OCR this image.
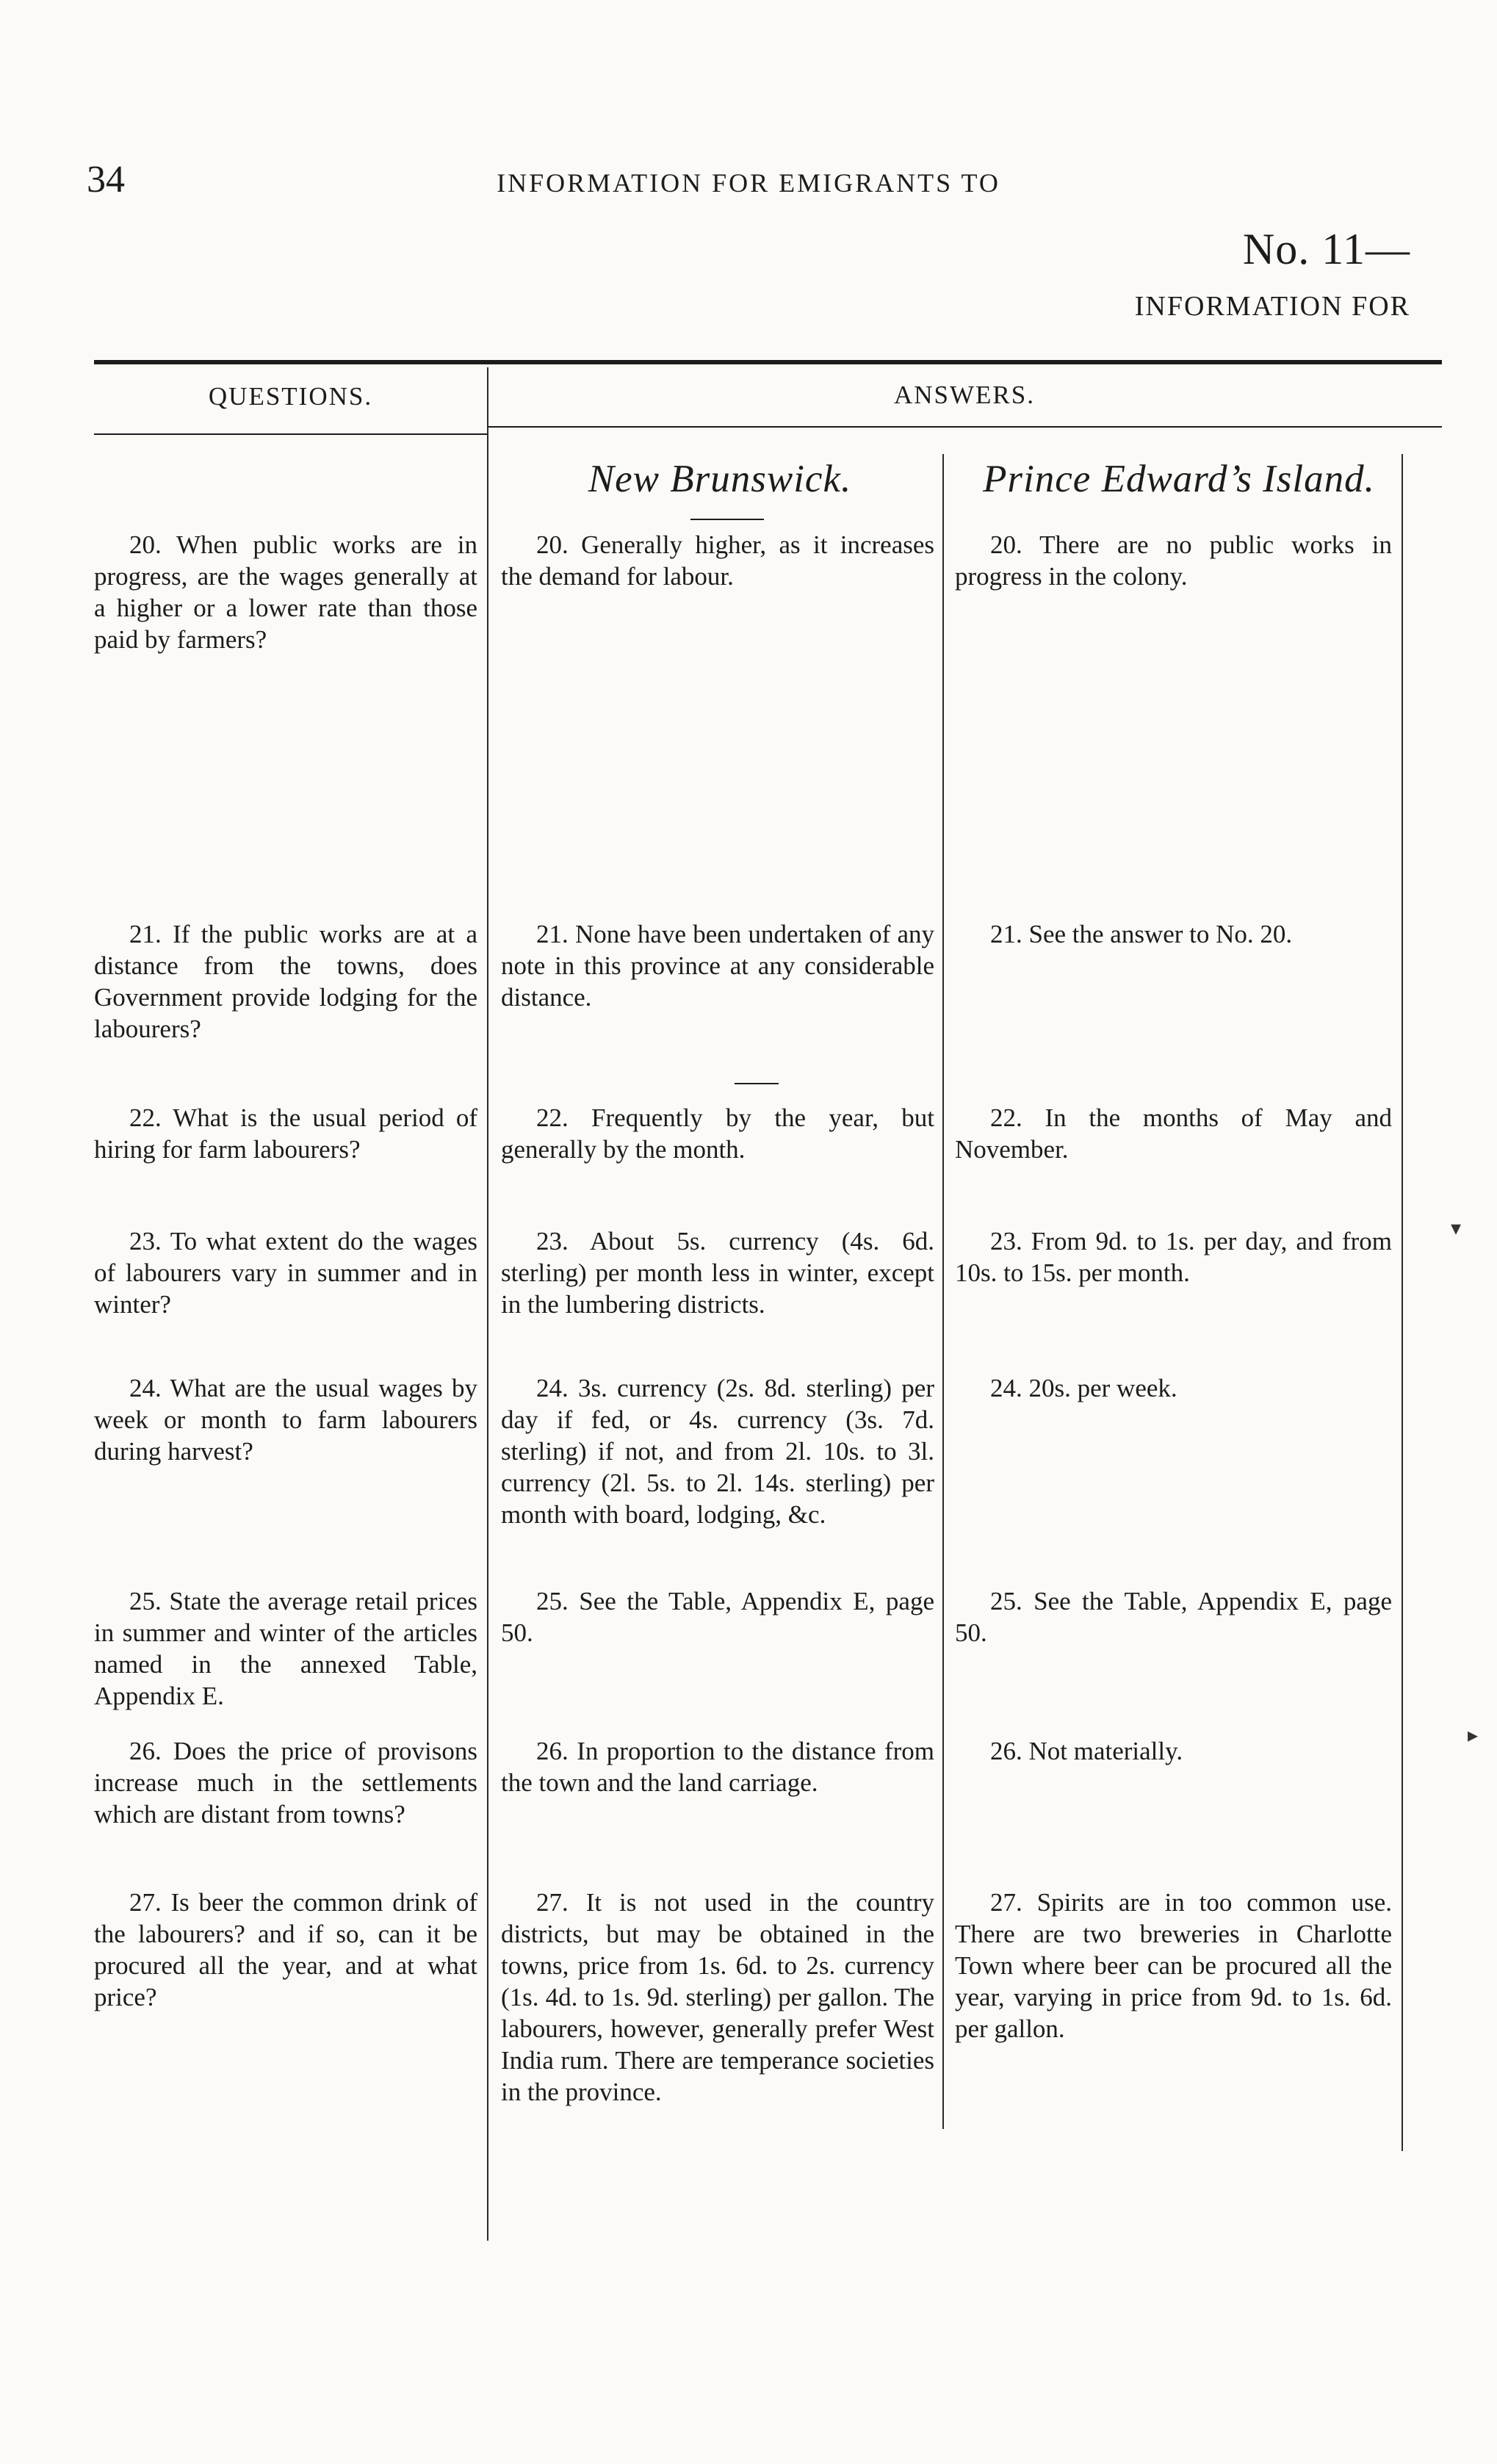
34	INFORMATION FOR EMIGRANTS TO
No. 11—
INFORMATION FOR
QUESTIONS.	ANSWERS.
New Brunswick.	Prince Edward’s Island.
20. When public works are in progress, are the wages generally at a higher or a lower rate than those paid by farmers?
20. Generally higher, as it increases the demand for labour.
20. There are no public works in progress in the colony.
21. If the public works are at a distance from the towns, does Government provide lodging for the labourers?
21. None have been undertaken of any note in this province at any considerable distance.
21. See the answer to No. 20.
22. What is the usual period of hiring for farm labourers?
22. Frequently by the year, but generally by the month.
22. In the months of May and November.
23. To what extent do the wages of labourers vary in summer and in winter?
23. About 5s. currency (4s. 6d. sterling) per month less in winter, except in the lumbering districts.
23. From 9d. to 1s. per day, and from 10s. to 15s. per month.
24. What are the usual wages by week or month to farm labourers during harvest?
24. 3s. currency (2s. 8d. sterling) per day if fed, or 4s. currency (3s. 7d. sterling) if not, and from 2l. 10s. to 3l. currency (2l. 5s. to 2l. 14s. sterling) per month with board, lodging, &c.
24. 20s. per week.
25. State the average retail prices in summer and winter of the articles named in the annexed Table, Appendix E.
25. See the Table, Appendix E, page 50.
25. See the Table, Appendix E, page 50.
26. Does the price of provisons increase much in the settlements which are distant from towns?
26. In proportion to the distance from the town and the land carriage.
26. Not materially.
27. Is beer the common drink of the labourers? and if so, can it be procured all the year, and at what price?
27. It is not used in the country districts, but may be obtained in the towns, price from 1s. 6d. to 2s. currency (1s. 4d. to 1s. 9d. sterling) per gallon. The labourers, however, generally prefer West India rum. There are temperance societies in the province.
27. Spirits are in too common use. There are two breweries in Charlotte Town where beer can be procured all the year, varying in price from 9d. to 1s. 6d. per gallon.
▾
▸
